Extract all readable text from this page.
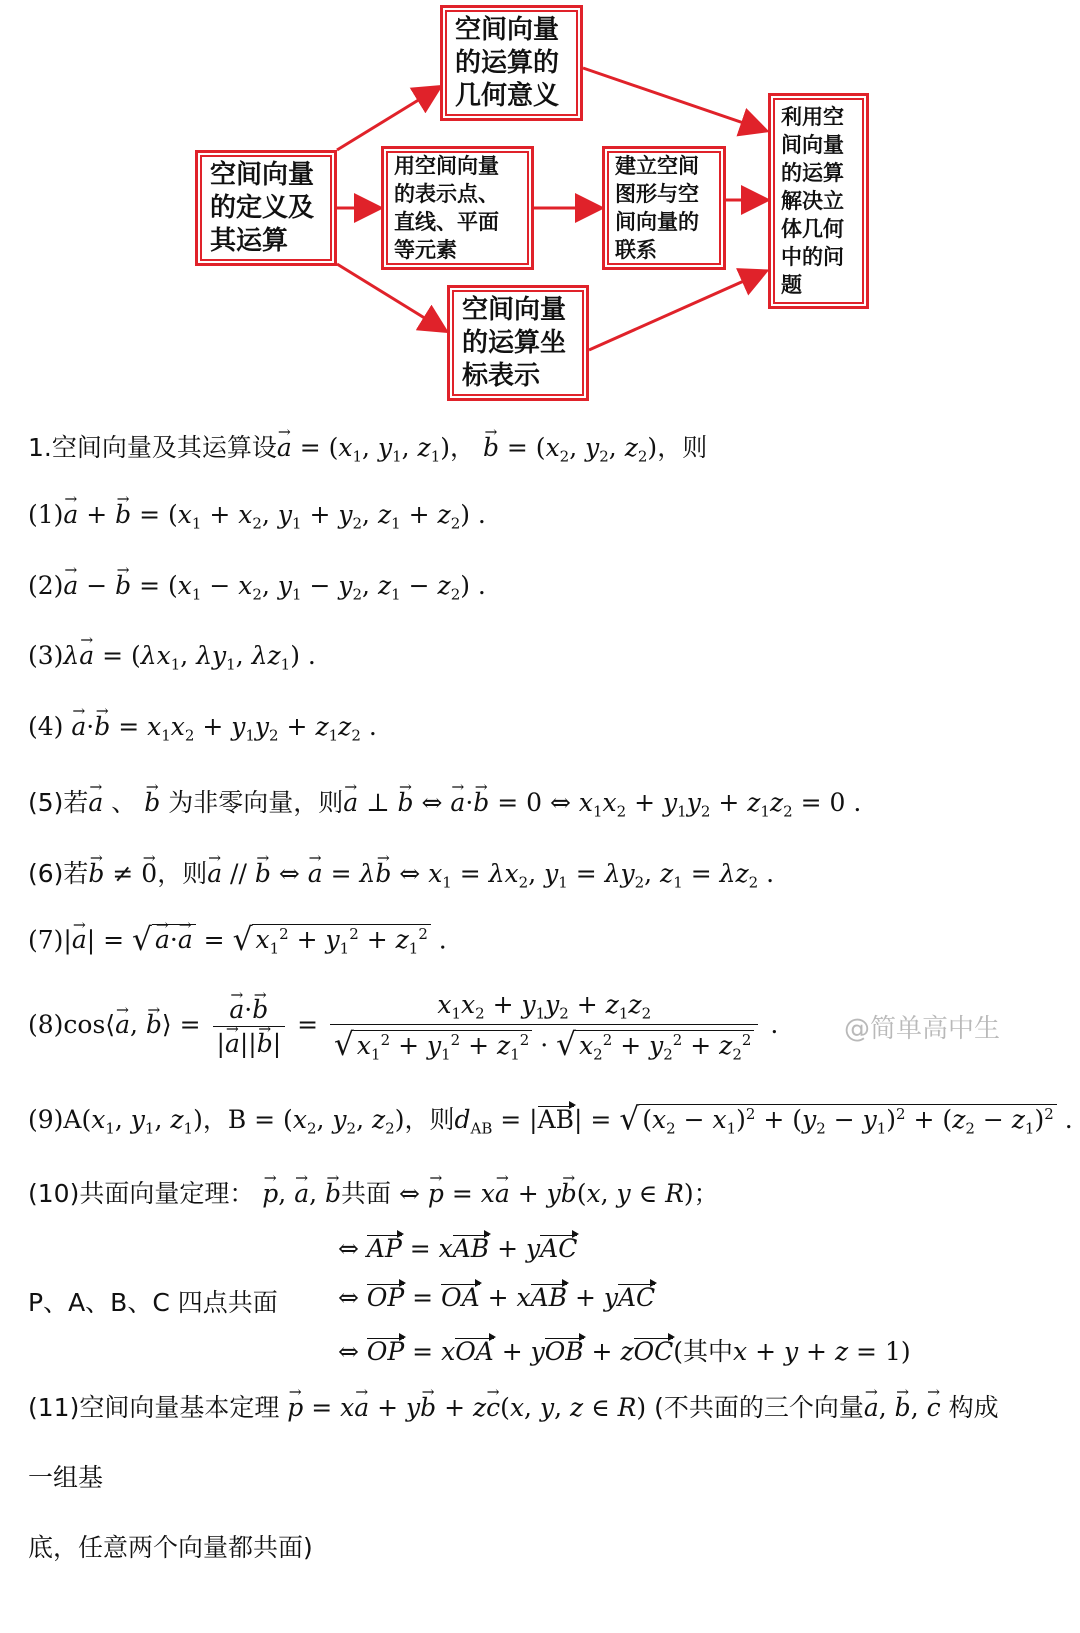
空间向量
的定义及
其运算
空间向量
的运算的
几何意义
用空间向量
的表示点、
直线、平面
等元素
建立空间
图形与空
间向量的
联系
空间向量
的运算坐
标表示
利用空
间向量
的运算
解决立
体几何
中的问
题
1.空间向量及其运算设→ $a = (x_1$, $y_1$, $z_1$)， → $b = (x_2$, $y_2$, $z_2$)，则
(1)→ a + → $b = (x_1 + x_2$, $y_1 + y_2$, $z_1 + z_2$) .
(2)→ a − → $b = (x_1 - x_2$, $y_1 - y_2$, $z_1 - z_2$) .
$(3)\lambda\to a = (\lambda x_1$, $\lambda y_1$, $\lambda z_1$) .
$(4) \to a\cdot\to b = x_1x_2 + y_1y_2 + z_1z_2$ .
(5)若→ a 、 → b 为非零向量，则→ a ⊥ → b ⇔ → a·→ b = 0 ⇔ $x_1x_2 + y_1y_2 + z_1z_2 = 0$ .
(6)若→ b ≠ → 0，则→ a // → b ⇔ → a = λ→ b ⇔ $x_1 = \lambda x_2$, $y_1 = \lambda y_2$, $z_1 = \lambda z_2$ .
(7)|→ a| = √ → a·→ a = √ $x_1^2 + y_1^2 + z_1^2$ .
(8)cos⟨→ a, → b⟩ = → $\frac{a\cdot\to b}{|\to a||\to b|} = \frac{x_1x_2 + y_1y_2 + z_1z_2}{√ x_1^2 + y_1^2 + z_1^2 \cdot √ x_2^2 + y_2^2 + z_2^2}$ .	@简单高中生
$(9)A(x_1$, $y_1$, $z_1$)，$B = (x_2$, $y_2$, $z_2$)，则$d_{AB} = |AB|$ = √ $(x_2 - x_1)^2 + (y_2 - y_1)^2 + (z_2 - z_1)^2$ .
(10)共面向量定理： → p, → a, → b共面 ⇔ → p = x→ a + y→ b(x, y ∈ R)；
⇔ AP = xAB + yAC
P、A、B、C 四点共面 ⇔ OP = OA + xAB + yAC
⇔ OP = xOA + yOB + zOC(其中x + y + z = 1)
(11)空间向量基本定理 → p = x→ a + y→ b + z→ c(x, y, z ∈ R) (不共面的三个向量→ a, → b, → c 构成
一组基
底，任意两个向量都共面)
